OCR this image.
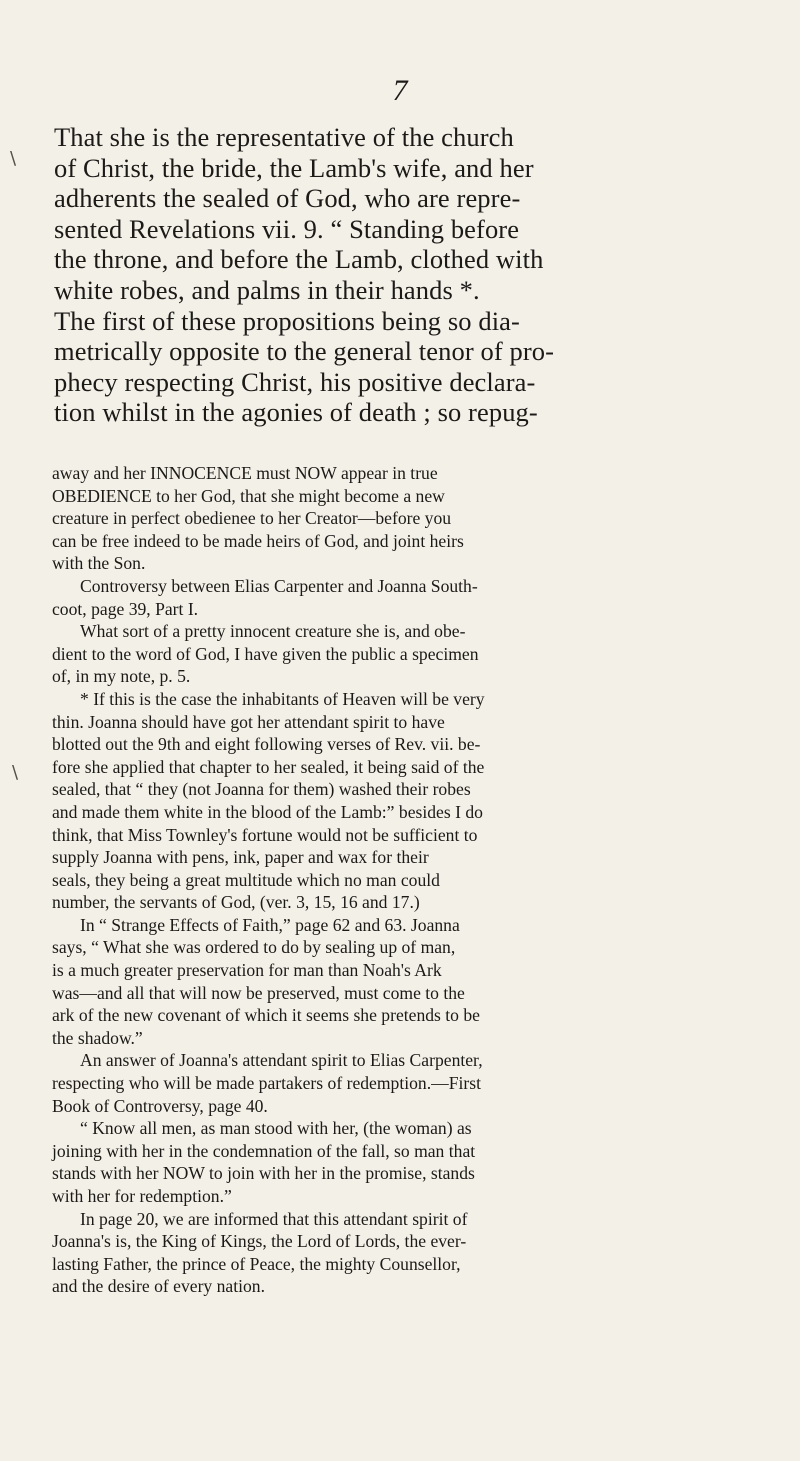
7
\
\
That she is the representative of the church
of Christ, the bride, the Lamb's wife, and her
adherents the sealed of God, who are repre-
sented Revelations vii. 9. “ Standing before
the throne, and before the Lamb, clothed with
white robes, and palms in their hands *.
The first of these propositions being so dia-
metrically opposite to the general tenor of pro-
phecy respecting Christ, his positive declara-
tion whilst in the agonies of death ; so repug-

away and her INNOCENCE must NOW appear in true
OBEDIENCE to her God, that she might become a new
creature in perfect obedienee to her Creator—before you
can be free indeed to be made heirs of God, and joint heirs
with the Son.

Controversy between Elias Carpenter and Joanna South-
coot, page 39, Part I.

What sort of a pretty innocent creature she is, and obe-
dient to the word of God, I have given the public a specimen
of, in my note, p. 5.

* If this is the case the inhabitants of Heaven will be very
thin. Joanna should have got her attendant spirit to have
blotted out the 9th and eight following verses of Rev. vii. be-
fore she applied that chapter to her sealed, it being said of the
sealed, that “ they (not Joanna for them) washed their robes
and made them white in the blood of the Lamb:” besides I do
think, that Miss Townley's fortune would not be sufficient to
supply Joanna with pens, ink, paper and wax for their
seals, they being a great multitude which no man could
number, the servants of God, (ver. 3, 15, 16 and 17.)

In “ Strange Effects of Faith,” page 62 and 63. Joanna
says, “ What she was ordered to do by sealing up of man,
is a much greater preservation for man than Noah's Ark
was—and all that will now be preserved, must come to the
ark of the new covenant of which it seems she pretends to be
the shadow.”

An answer of Joanna's attendant spirit to Elias Carpenter,
respecting who will be made partakers of redemption.—First
Book of Controversy, page 40.

“ Know all men, as man stood with her, (the woman) as
joining with her in the condemnation of the fall, so man that
stands with her NOW to join with her in the promise, stands
with her for redemption.”

In page 20, we are informed that this attendant spirit of
Joanna's is, the King of Kings, the Lord of Lords, the ever-
lasting Father, the prince of Peace, the mighty Counsellor,
and the desire of every nation.
